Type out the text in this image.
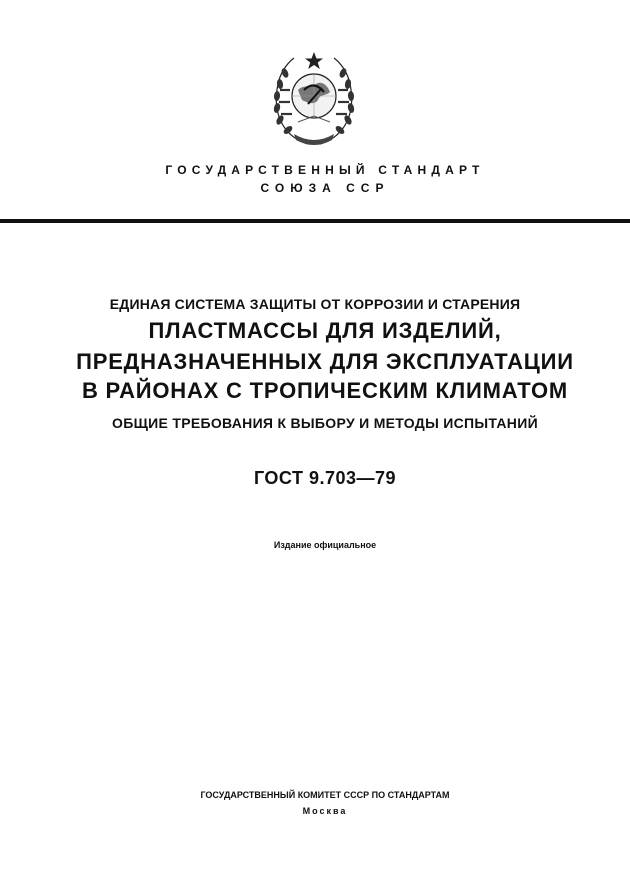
ГОСУДАРСТВЕННЫЙ СТАНДАРТ
СОЮЗА ССР
ЕДИНАЯ СИСТЕМА ЗАЩИТЫ ОТ КОРРОЗИИ И СТАРЕНИЯ
ПЛАСТМАССЫ ДЛЯ ИЗДЕЛИЙ,
ПРЕДНАЗНАЧЕННЫХ ДЛЯ ЭКСПЛУАТАЦИИ
В РАЙОНАХ С ТРОПИЧЕСКИМ КЛИМАТОМ
ОБЩИЕ ТРЕБОВАНИЯ К ВЫБОРУ И МЕТОДЫ ИСПЫТАНИЙ
ГОСТ 9.703—79
Издание официальное
ГОСУДАРСТВЕННЫЙ КОМИТЕТ СССР ПО СТАНДАРТАМ
Москва
